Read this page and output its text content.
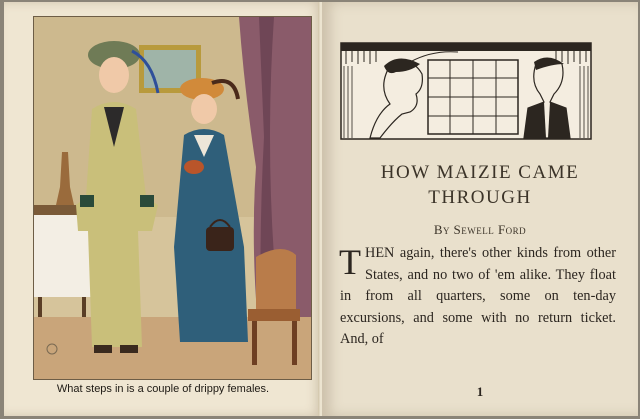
What steps in is a couple of drippy females.
HOW MAIZIE CAME
THROUGH
By Sewell Ford
THEN again, there's other kinds from other States, and no two of 'em alike. They float in from all quarters, some on ten-day excursions, and some with no return ticket. And, of
1
